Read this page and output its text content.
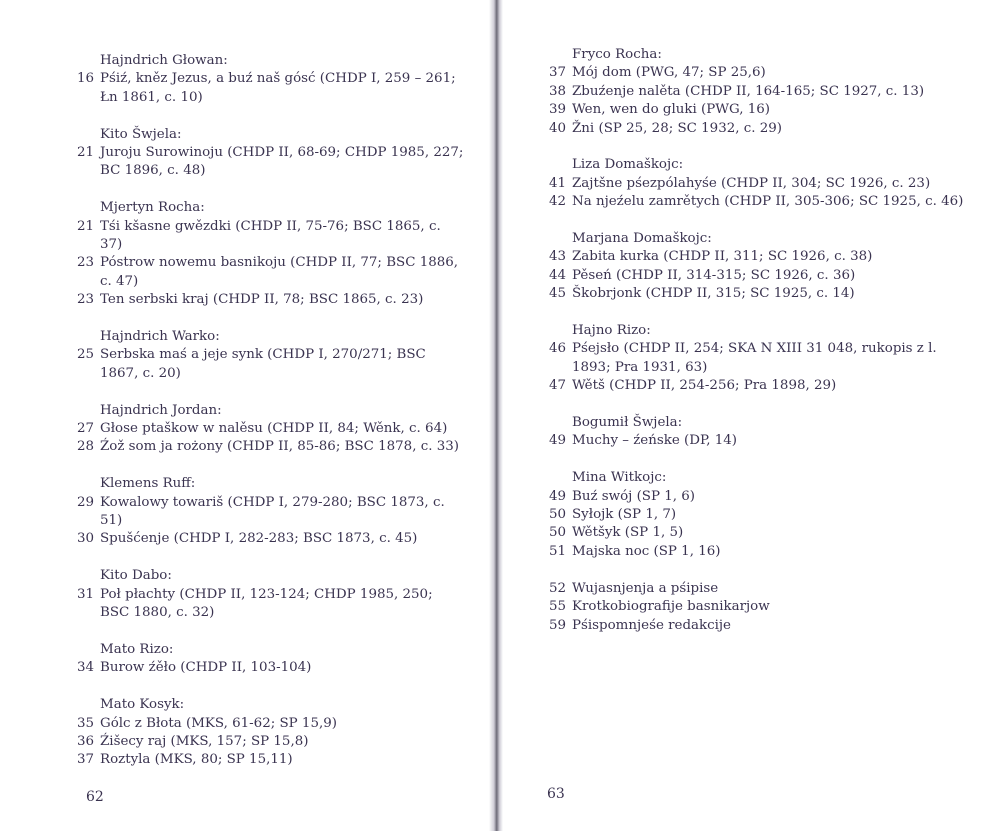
Hajndrich Głowan:
16 Pśiź, kněz Jezus, a buź naš gósć (CHDP I, 259 – 261; Łn 1861, c. 10)
Kito Šwjela:
21 Juroju Surowinoju (CHDP II, 68-69; CHDP 1985, 227; BC 1896, c. 48)
Mjertyn Rocha:
21 Tśi kšasne gwězdki (CHDP II, 75-76; BSC 1865, c. 37)
23 Póstrow nowemu basnikoju (CHDP II, 77; BSC 1886, c. 47)
23 Ten serbski kraj (CHDP II, 78; BSC 1865, c. 23)
Hajndrich Warko:
25 Serbska maś a jeje synk (CHDP I, 270/271; BSC 1867, c. 20)
Hajndrich Jordan:
27 Głose ptaškow w nalěsu (CHDP II, 84; Wěnk, c. 64)
28 Źož som ja rożony (CHDP II, 85-86; BSC 1878, c. 33)
Klemens Ruff:
29 Kowalowy towariš (CHDP I, 279-280; BSC 1873, c. 51)
30 Spušćenje (CHDP I, 282-283; BSC 1873, c. 45)
Kito Dabo:
31 Poł płachty (CHDP II, 123-124; CHDP 1985, 250; BSC 1880, c. 32)
Mato Rizo:
34 Burow źěło (CHDP II, 103-104)
Mato Kosyk:
35 Gólc z Błota (MKS, 61-62; SP 15,9)
36 Źišecy raj (MKS, 157; SP 15,8)
37 Roztyla (MKS, 80; SP 15,11)
62
Fryco Rocha:
37 Mój dom (PWG, 47; SP 25,6)
38 Zbuźenje nalěta (CHDP II, 164-165; SC 1927, c. 13)
39 Wen, wen do gluki (PWG, 16)
40 Žni (SP 25, 28; SC 1932, c. 29)
Liza Domaškojc:
41 Zajtšne pśezpólahyśe (CHDP II, 304; SC 1926, c. 23)
42 Na njeźelu zamrětych (CHDP II, 305-306; SC 1925, c. 46)
Marjana Domaškojc:
43 Zabita kurka (CHDP II, 311; SC 1926, c. 38)
44 Pěseń (CHDP II, 314-315; SC 1926, c. 36)
45 Škobrjonk (CHDP II, 315; SC 1925, c. 14)
Hajno Rizo:
46 Pśejsło (CHDP II, 254; SKA N XIII 31 048, rukopis z l. 1893; Pra 1931, 63)
47 Wětš (CHDP II, 254-256; Pra 1898, 29)
Bogumił Šwjela:
49 Muchy – źeńske (DP, 14)
Mina Witkojc:
49 Buź swój (SP 1, 6)
50 Syłojk (SP 1, 7)
50 Wětšyk (SP 1, 5)
51 Majska noc (SP 1, 16)
52 Wujasnjenja a pśipise
55 Krotkobiografije basnikarjow
59 Pśispomnjeśe redakcije
63
